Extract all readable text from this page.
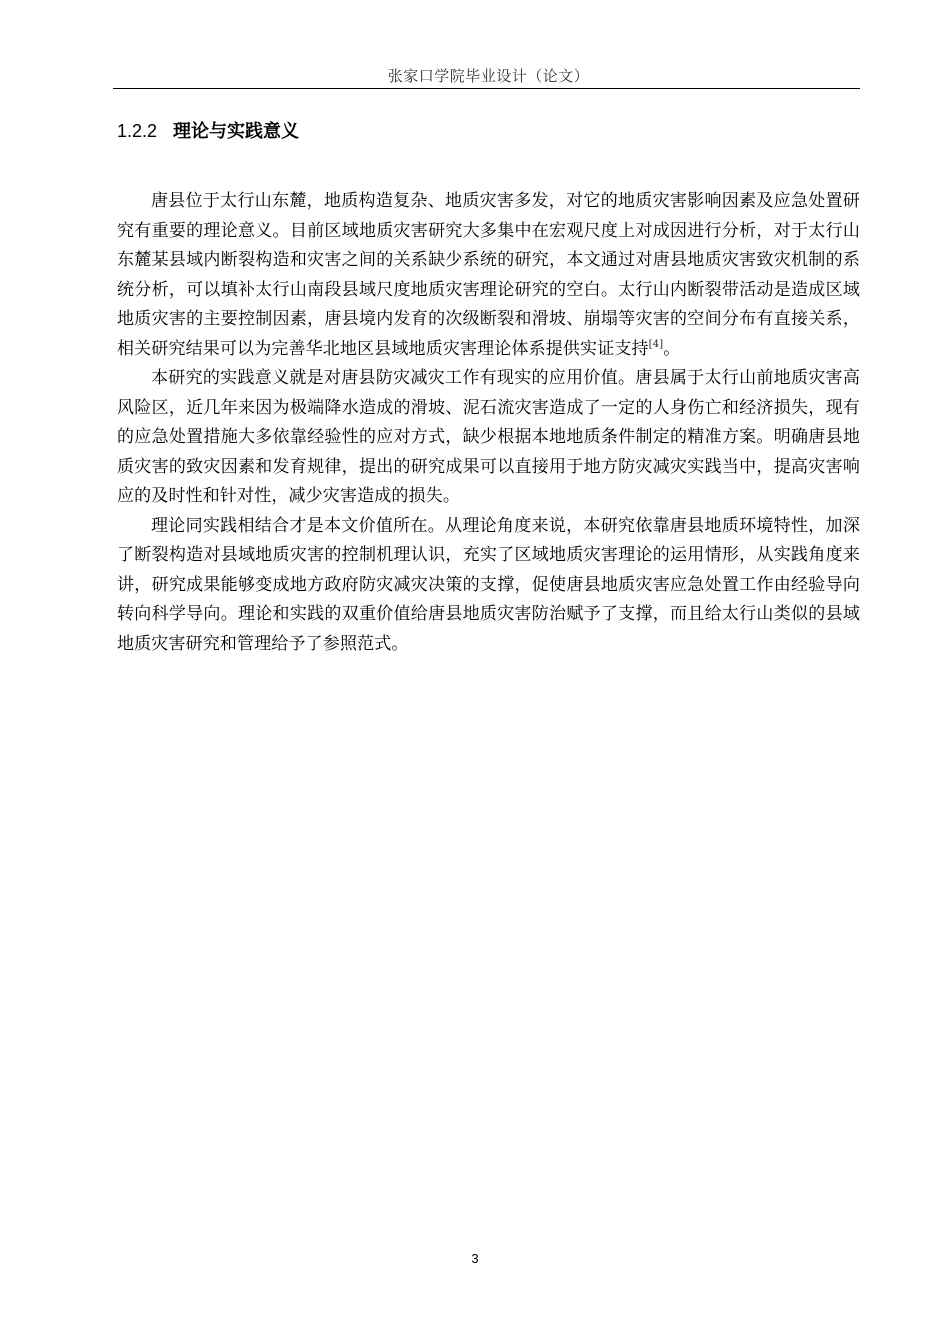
张家口学院毕业设计（论文）
1.2.2 理论与实践意义

唐县位于太行山东麓，地质构造复杂、地质灾害多发，对它的地质灾害影响因素及应急处置研究有重要的理论意义。目前区域地质灾害研究大多集中在宏观尺度上对成因进行分析，对于太行山东麓某县域内断裂构造和灾害之间的关系缺少系统的研究，本文通过对唐县地质灾害致灾机制的系统分析，可以填补太行山南段县域尺度地质灾害理论研究的空白。太行山内断裂带活动是造成区域地质灾害的主要控制因素，唐县境内发育的次级断裂和滑坡、崩塌等灾害的空间分布有直接关系，相关研究结果可以为完善华北地区县域地质灾害理论体系提供实证支持[4]。

本研究的实践意义就是对唐县防灾减灾工作有现实的应用价值。唐县属于太行山前地质灾害高风险区，近几年来因为极端降水造成的滑坡、泥石流灾害造成了一定的人身伤亡和经济损失，现有的应急处置措施大多依靠经验性的应对方式，缺少根据本地地质条件制定的精准方案。明确唐县地质灾害的致灾因素和发育规律，提出的研究成果可以直接用于地方防灾减灾实践当中，提高灾害响应的及时性和针对性，减少灾害造成的损失。

理论同实践相结合才是本文价值所在。从理论角度来说，本研究依靠唐县地质环境特性，加深了断裂构造对县域地质灾害的控制机理认识，充实了区域地质灾害理论的运用情形，从实践角度来讲，研究成果能够变成地方政府防灾减灾决策的支撑，促使唐县地质灾害应急处置工作由经验导向转向科学导向。理论和实践的双重价值给唐县地质灾害防治赋予了支撑，而且给太行山类似的县域地质灾害研究和管理给予了参照范式。

3
